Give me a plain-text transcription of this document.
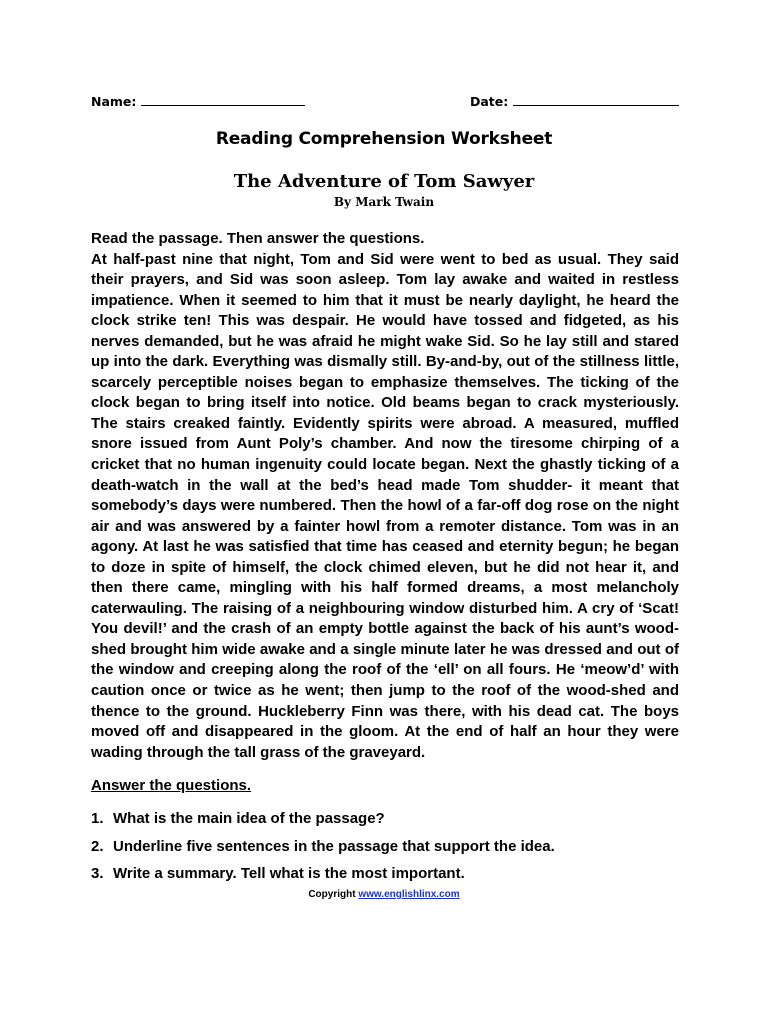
Name:	Date:
Reading Comprehension Worksheet
The Adventure of Tom Sawyer
By Mark Twain

Read the passage. Then answer the questions.

At half-past nine that night, Tom and Sid were went to bed as usual. They said their prayers, and Sid was soon asleep. Tom lay awake and waited in restless impatience. When it seemed to him that it must be nearly daylight, he heard the clock strike ten! This was despair. He would have tossed and fidgeted, as his nerves demanded, but he was afraid he might wake Sid. So he lay still and stared up into the dark. Everything was dismally still. By-and-by, out of the stillness little, scarcely perceptible noises began to emphasize themselves. The ticking of the clock began to bring itself into notice. Old beams began to crack mysteriously. The stairs creaked faintly. Evidently spirits were abroad. A measured, muffled snore issued from Aunt Poly’s chamber. And now the tiresome chirping of a cricket that no human ingenuity could locate began. Next the ghastly ticking of a death-watch in the wall at the bed’s head made Tom shudder- it meant that somebody’s days were numbered. Then the howl of a far-off dog rose on the night air and was answered by a fainter howl from a remoter distance. Tom was in an agony. At last he was satisfied that time has ceased and eternity begun; he began to doze in spite of himself, the clock chimed eleven, but he did not hear it, and then there came, mingling with his half formed dreams, a most melancholy caterwauling. The raising of a neighbouring window disturbed him. A cry of ‘Scat! You devil!’ and the crash of an empty bottle against the back of his aunt’s wood-shed brought him wide awake and a single minute later he was dressed and out of the window and creeping along the roof of the ‘ell’ on all fours. He ‘meow’d’ with caution once or twice as he went; then jump to the roof of the wood-shed and thence to the ground. Huckleberry Finn was there, with his dead cat. The boys moved off and disappeared in the gloom. At the end of half an hour they were wading through the tall grass of the graveyard.

Answer the questions.
1. What is the main idea of the passage?
2. Underline five sentences in the passage that support the idea.
3. Write a summary. Tell what is the most important.
Copyright www.englishlinx.com
